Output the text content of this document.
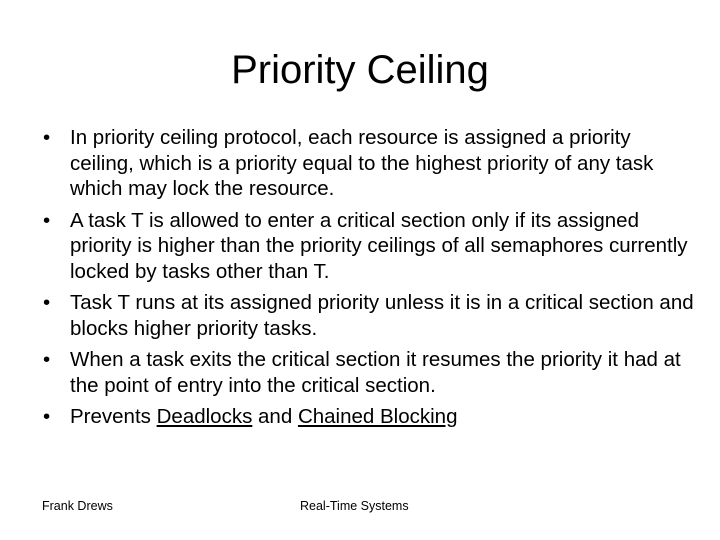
Priority Ceiling
• In priority ceiling protocol, each resource is assigned a priority ceiling, which is a priority equal to the highest priority of any task which may lock the resource.
• A task T is allowed to enter a critical section only if its assigned priority is higher than the priority ceilings of all semaphores currently locked by tasks other than T.
• Task T runs at its assigned priority unless it is in a critical section and blocks higher priority tasks.
• When a task exits the critical section it resumes the priority it had at the point of entry into the critical section.
• Prevents Deadlocks and Chained Blocking
Frank Drews	Real-Time Systems
